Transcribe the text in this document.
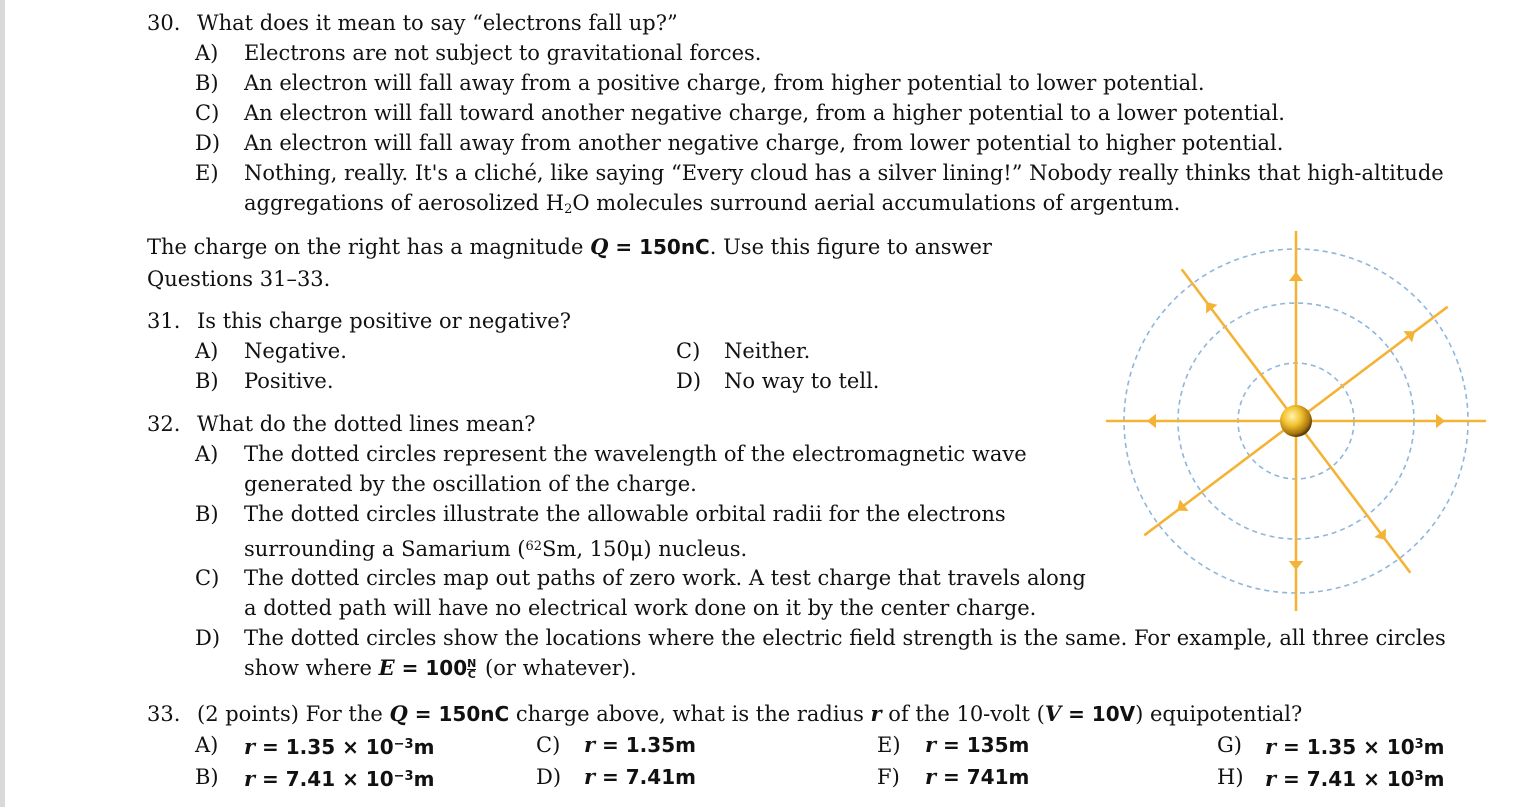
30. What does it mean to say “electrons fall up?”
A) Electrons are not subject to gravitational forces.
B) An electron will fall away from a positive charge, from higher potential to lower potential.
C) An electron will fall toward another negative charge, from a higher potential to a lower potential.
D) An electron will fall away from another negative charge, from lower potential to higher potential.
E) Nothing, really. It's a cliché, like saying “Every cloud has a silver lining!” Nobody really thinks that high-altitude
aggregations of aerosolized $H_2O$ molecules surround aerial accumulations of argentum.
The charge on the right has a magnitude Q = 150nC. Use this figure to answer
Questions 31–33.
31. Is this charge positive or negative?
A) Negative.
B) Positive.
C) Neither.
D) No way to tell.
32. What do the dotted lines mean?
A) The dotted circles represent the wavelength of the electromagnetic wave
generated by the oscillation of the charge.
B) The dotted circles illustrate the allowable orbital radii for the electrons
surrounding a Samarium ($^{62}$Sm, 150μ) nucleus.
C) The dotted circles map out paths of zero work. A test charge that travels along
a dotted path will have no electrical work done on it by the center charge.
D) The dotted circles show the locations where the electric field strength is the same. For example, all three circles
show where $E = 100 \frac{N}{C} (or$ whatever).
33. (2 points) For the Q = 150nC charge above, what is the radius r of the 10-volt (V = 10V) equipotential?
A) $r = 1.35 \times 10^{-3}m$
B) $r = 7.41 \times 10^{-3}m$
C) r = 1.35m
D) r = 7.41m
E) r = 135m
F) r = 741m
G) $r = 1.35 \times 10^3m$
H) $r = 7.41 \times 10^3m$
